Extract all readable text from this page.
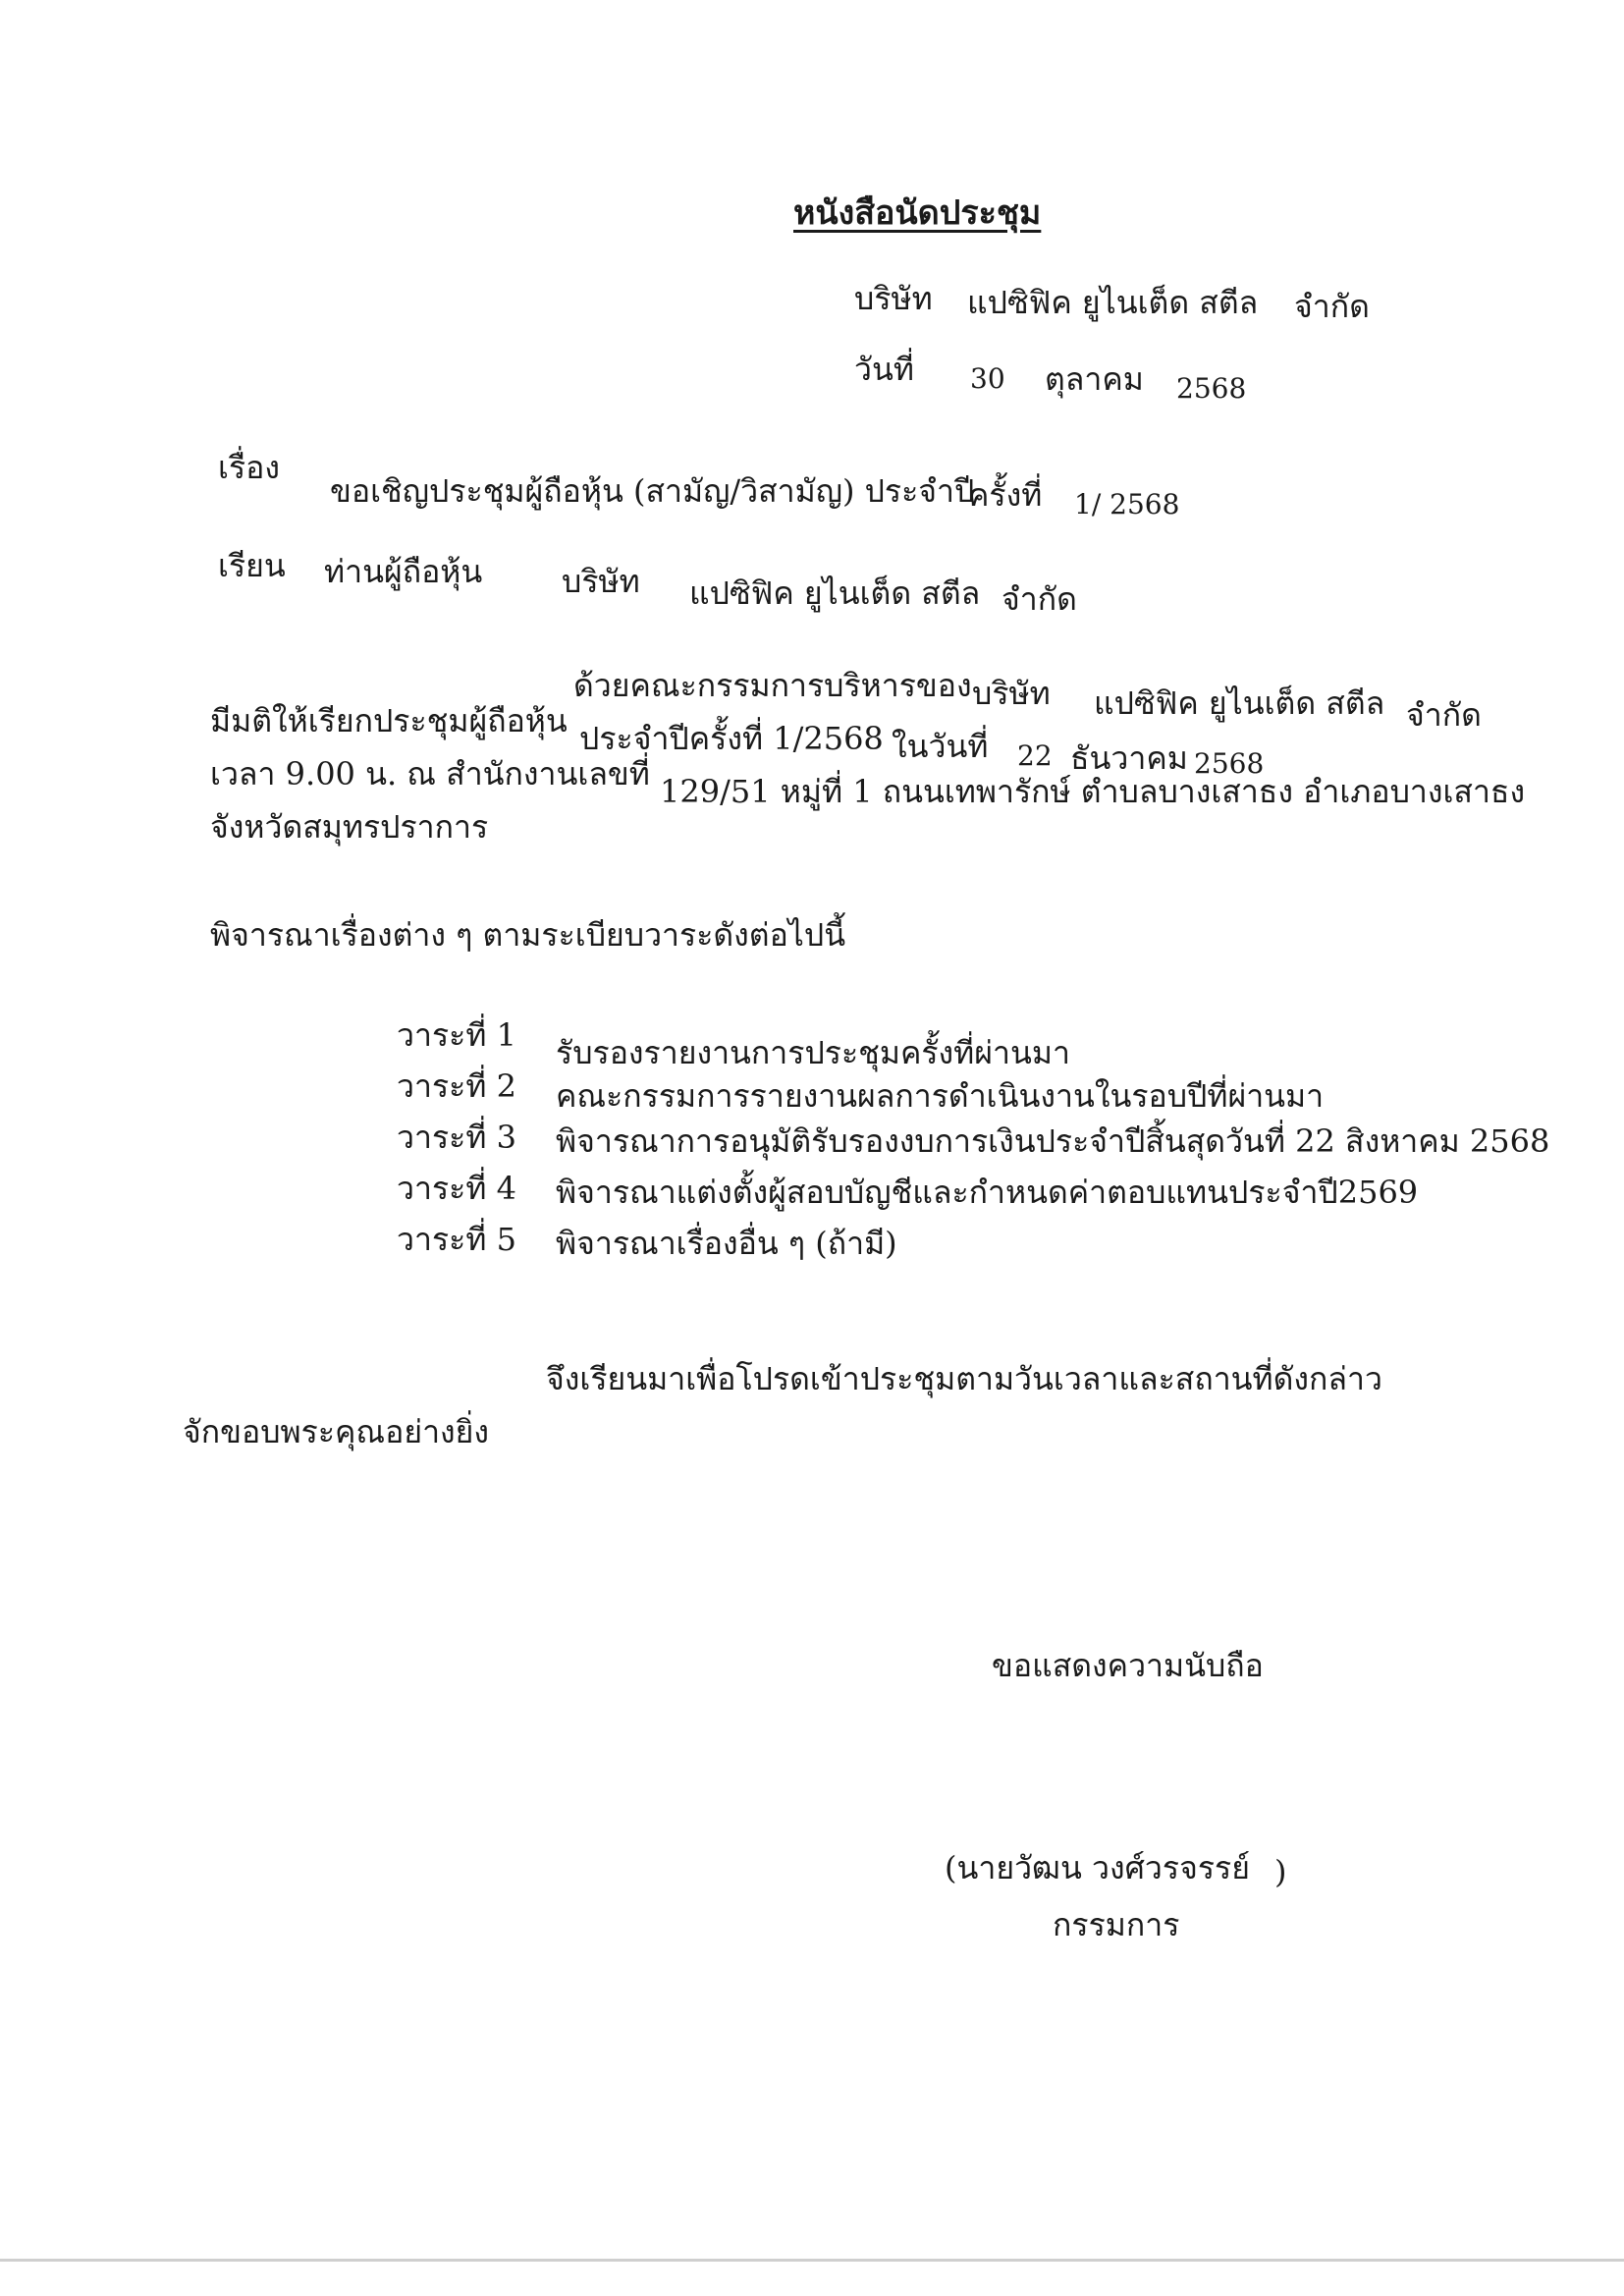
หนังสือนัดประชุม
บริษัท แปซิฟิค ยูไนเต็ด สตีล จำกัด
วันที่ 30 ตุลาคม 2568
เรื่อง
ขอเชิญประชุมผู้ถือหุ้น (สามัญ/วิสามัญ) ประจำปี
ครั้งที่ 1/ 2568
เรียน ท่านผู้ถือหุ้น	บริษัท แปซิฟิค ยูไนเต็ด สตีล จำกัด
ด้วยคณะกรรมการบริหารของ บริษัท แปซิฟิค ยูไนเต็ด สตีล จำกัด
มีมติให้เรียกประชุมผู้ถือหุ้น ประจำปีครั้งที่ 1/2568 ในวันที่ 22 ธันวาคม 2568
เวลา 9.00 น. ณ สำนักงานเลขที่ 129/51 หมู่ที่ 1 ถนนเทพารักษ์ ตำบลบางเสาธง อำเภอบางเสาธง
จังหวัดสมุทรปราการ
พิจารณาเรื่องต่าง ๆ ตามระเบียบวาระดังต่อไปนี้
วาระที่ 1 รับรองรายงานการประชุมครั้งที่ผ่านมา
วาระที่ 2 คณะกรรมการรายงานผลการดำเนินงานในรอบปีที่ผ่านมา
วาระที่ 3 พิจารณาการอนุมัติรับรองงบการเงินประจำปีสิ้นสุดวันที่ 22 สิงหาคม 2568
วาระที่ 4 พิจารณาแต่งตั้งผู้สอบบัญชีและกำหนดค่าตอบแทนประจำปี2569
วาระที่ 5 พิจารณาเรื่องอื่น ๆ (ถ้ามี)
จึงเรียนมาเพื่อโปรดเข้าประชุมตามวันเวลาและสถานที่ดังกล่าว
จักขอบพระคุณอย่างยิ่ง
ขอแสดงความนับถือ
(นายวัฒน วงศ์วรจรรย์ )
กรรมการ
